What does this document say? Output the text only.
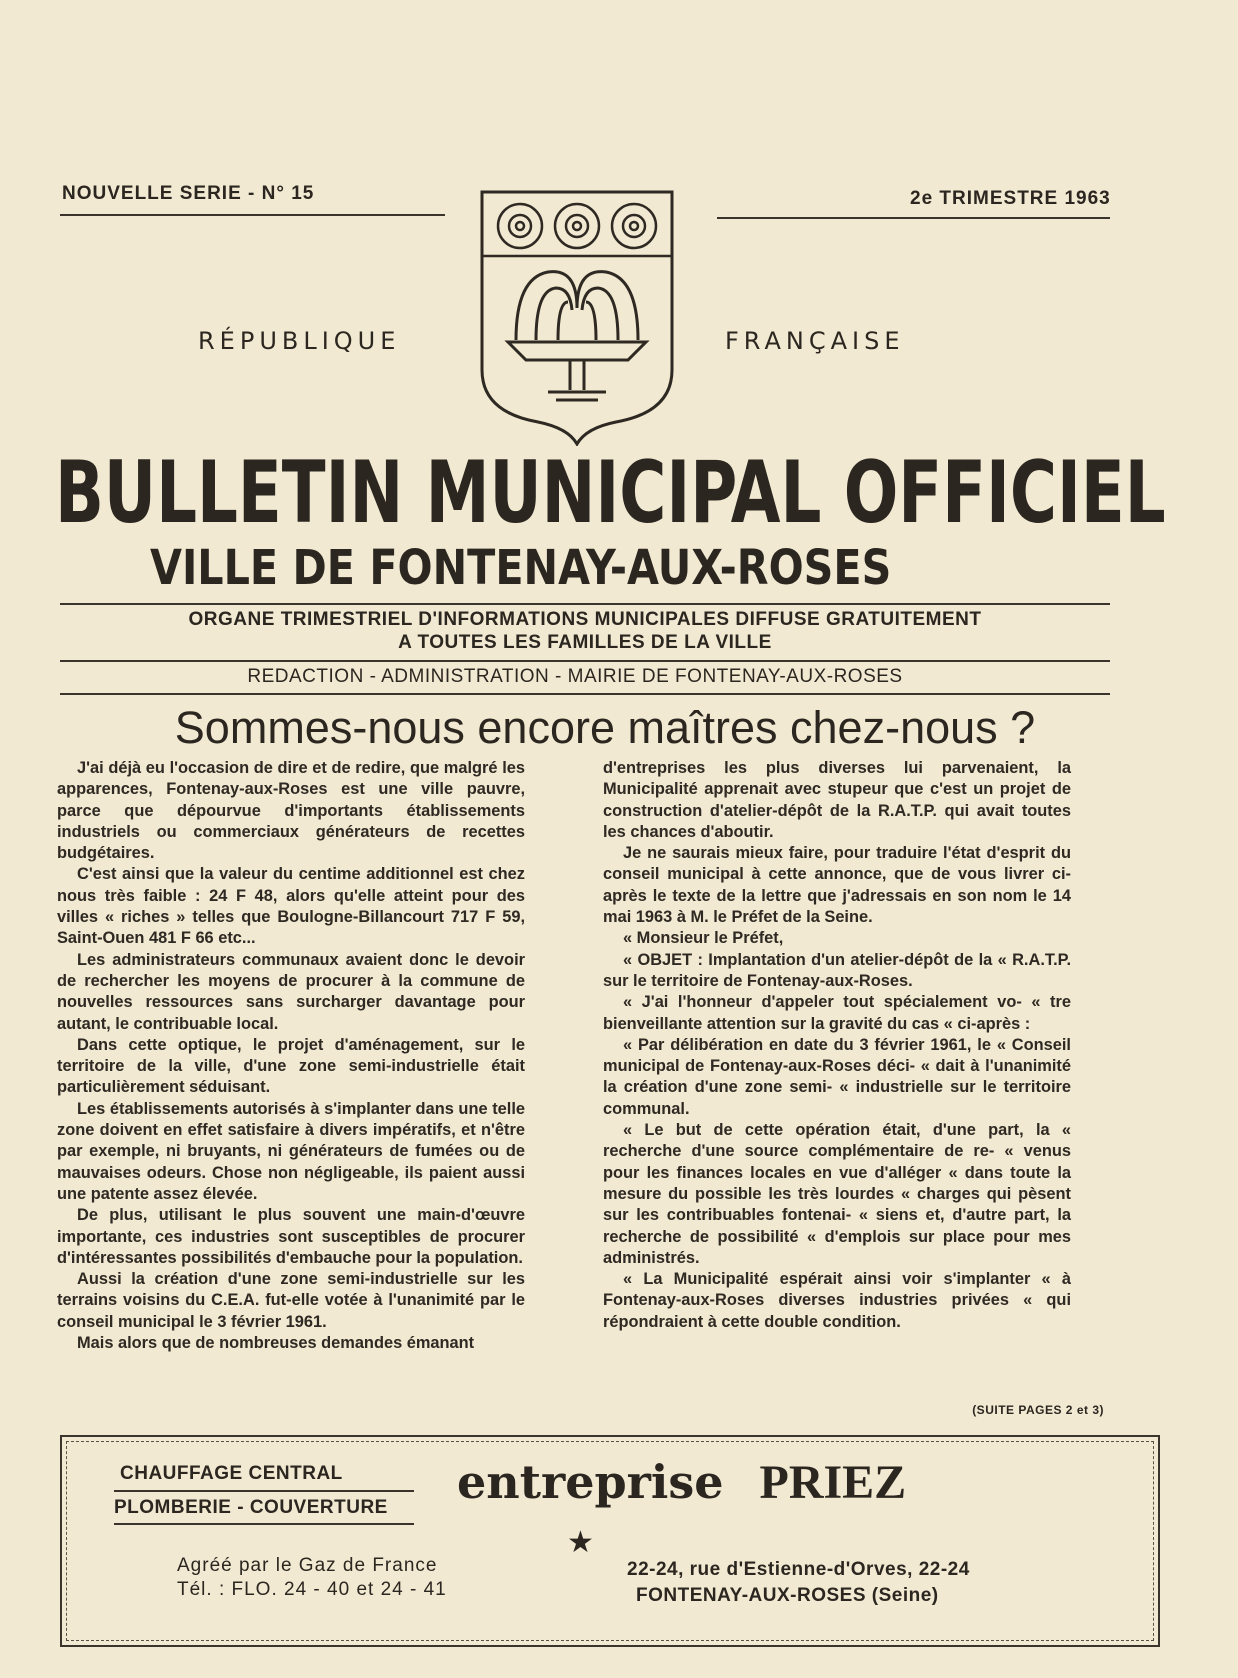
NOUVELLE SERIE - N° 15	2e TRIMESTRE 1963
RÉPUBLIQUE	FRANÇAISE
BULLETIN MUNICIPAL OFFICIEL
VILLE DE FONTENAY-AUX-ROSES
ORGANE TRIMESTRIEL D'INFORMATIONS MUNICIPALES DIFFUSE GRATUITEMENT
A TOUTES LES FAMILLES DE LA VILLE
REDACTION - ADMINISTRATION - MAIRIE DE FONTENAY-AUX-ROSES
Sommes-nous encore maîtres chez-nous ?

J'ai déjà eu l'occasion de dire et de redire, que malgré les apparences, Fontenay-aux-Roses est une ville pauvre, parce que dépourvue d'importants établissements industriels ou commerciaux générateurs de recettes budgétaires.

C'est ainsi que la valeur du centime additionnel est chez nous très faible : 24 F 48, alors qu'elle atteint pour des villes « riches » telles que Boulogne-Billancourt 717 F 59, Saint-Ouen 481 F 66 etc...

Les administrateurs communaux avaient donc le devoir de rechercher les moyens de procurer à la commune de nouvelles ressources sans surcharger davantage pour autant, le contribuable local.

Dans cette optique, le projet d'aménagement, sur le territoire de la ville, d'une zone semi-industrielle était particulièrement séduisant.

Les établissements autorisés à s'implanter dans une telle zone doivent en effet satisfaire à divers impératifs, et n'être par exemple, ni bruyants, ni générateurs de fumées ou de mauvaises odeurs. Chose non négligeable, ils paient aussi une patente assez élevée.

De plus, utilisant le plus souvent une main-d'œuvre importante, ces industries sont susceptibles de procurer d'intéressantes possibilités d'embauche pour la population.

Aussi la création d'une zone semi-industrielle sur les terrains voisins du C.E.A. fut-elle votée à l'unanimité par le conseil municipal le 3 février 1961.

Mais alors que de nombreuses demandes émanant

d'entreprises les plus diverses lui parvenaient, la Municipalité apprenait avec stupeur que c'est un projet de construction d'atelier-dépôt de la R.A.T.P. qui avait toutes les chances d'aboutir.

Je ne saurais mieux faire, pour traduire l'état d'esprit du conseil municipal à cette annonce, que de vous livrer ci-après le texte de la lettre que j'adressais en son nom le 14 mai 1963 à M. le Préfet de la Seine.

« Monsieur le Préfet,

« OBJET : Implantation d'un atelier-dépôt de la « R.A.T.P. sur le territoire de Fontenay-aux-Roses.

« J'ai l'honneur d'appeler tout spécialement vo- « tre bienveillante attention sur la gravité du cas « ci-après :

« Par délibération en date du 3 février 1961, le « Conseil municipal de Fontenay-aux-Roses déci- « dait à l'unanimité la création d'une zone semi- « industrielle sur le territoire communal.

« Le but de cette opération était, d'une part, la « recherche d'une source complémentaire de re- « venus pour les finances locales en vue d'alléger « dans toute la mesure du possible les très lourdes « charges qui pèsent sur les contribuables fontenai- « siens et, d'autre part, la recherche de possibilité « d'emplois sur place pour mes administrés.

« La Municipalité espérait ainsi voir s'implanter « à Fontenay-aux-Roses diverses industries privées « qui répondraient à cette double condition.

(SUITE PAGES 2 et 3)
CHAUFFAGE CENTRAL
PLOMBERIE - COUVERTURE entreprise PRIEZ
★
Agréé par le Gaz de France
Tél. : FLO. 24 - 40 et 24 - 41
22-24, rue d'Estienne-d'Orves, 22-24
FONTENAY-AUX-ROSES (Seine)
